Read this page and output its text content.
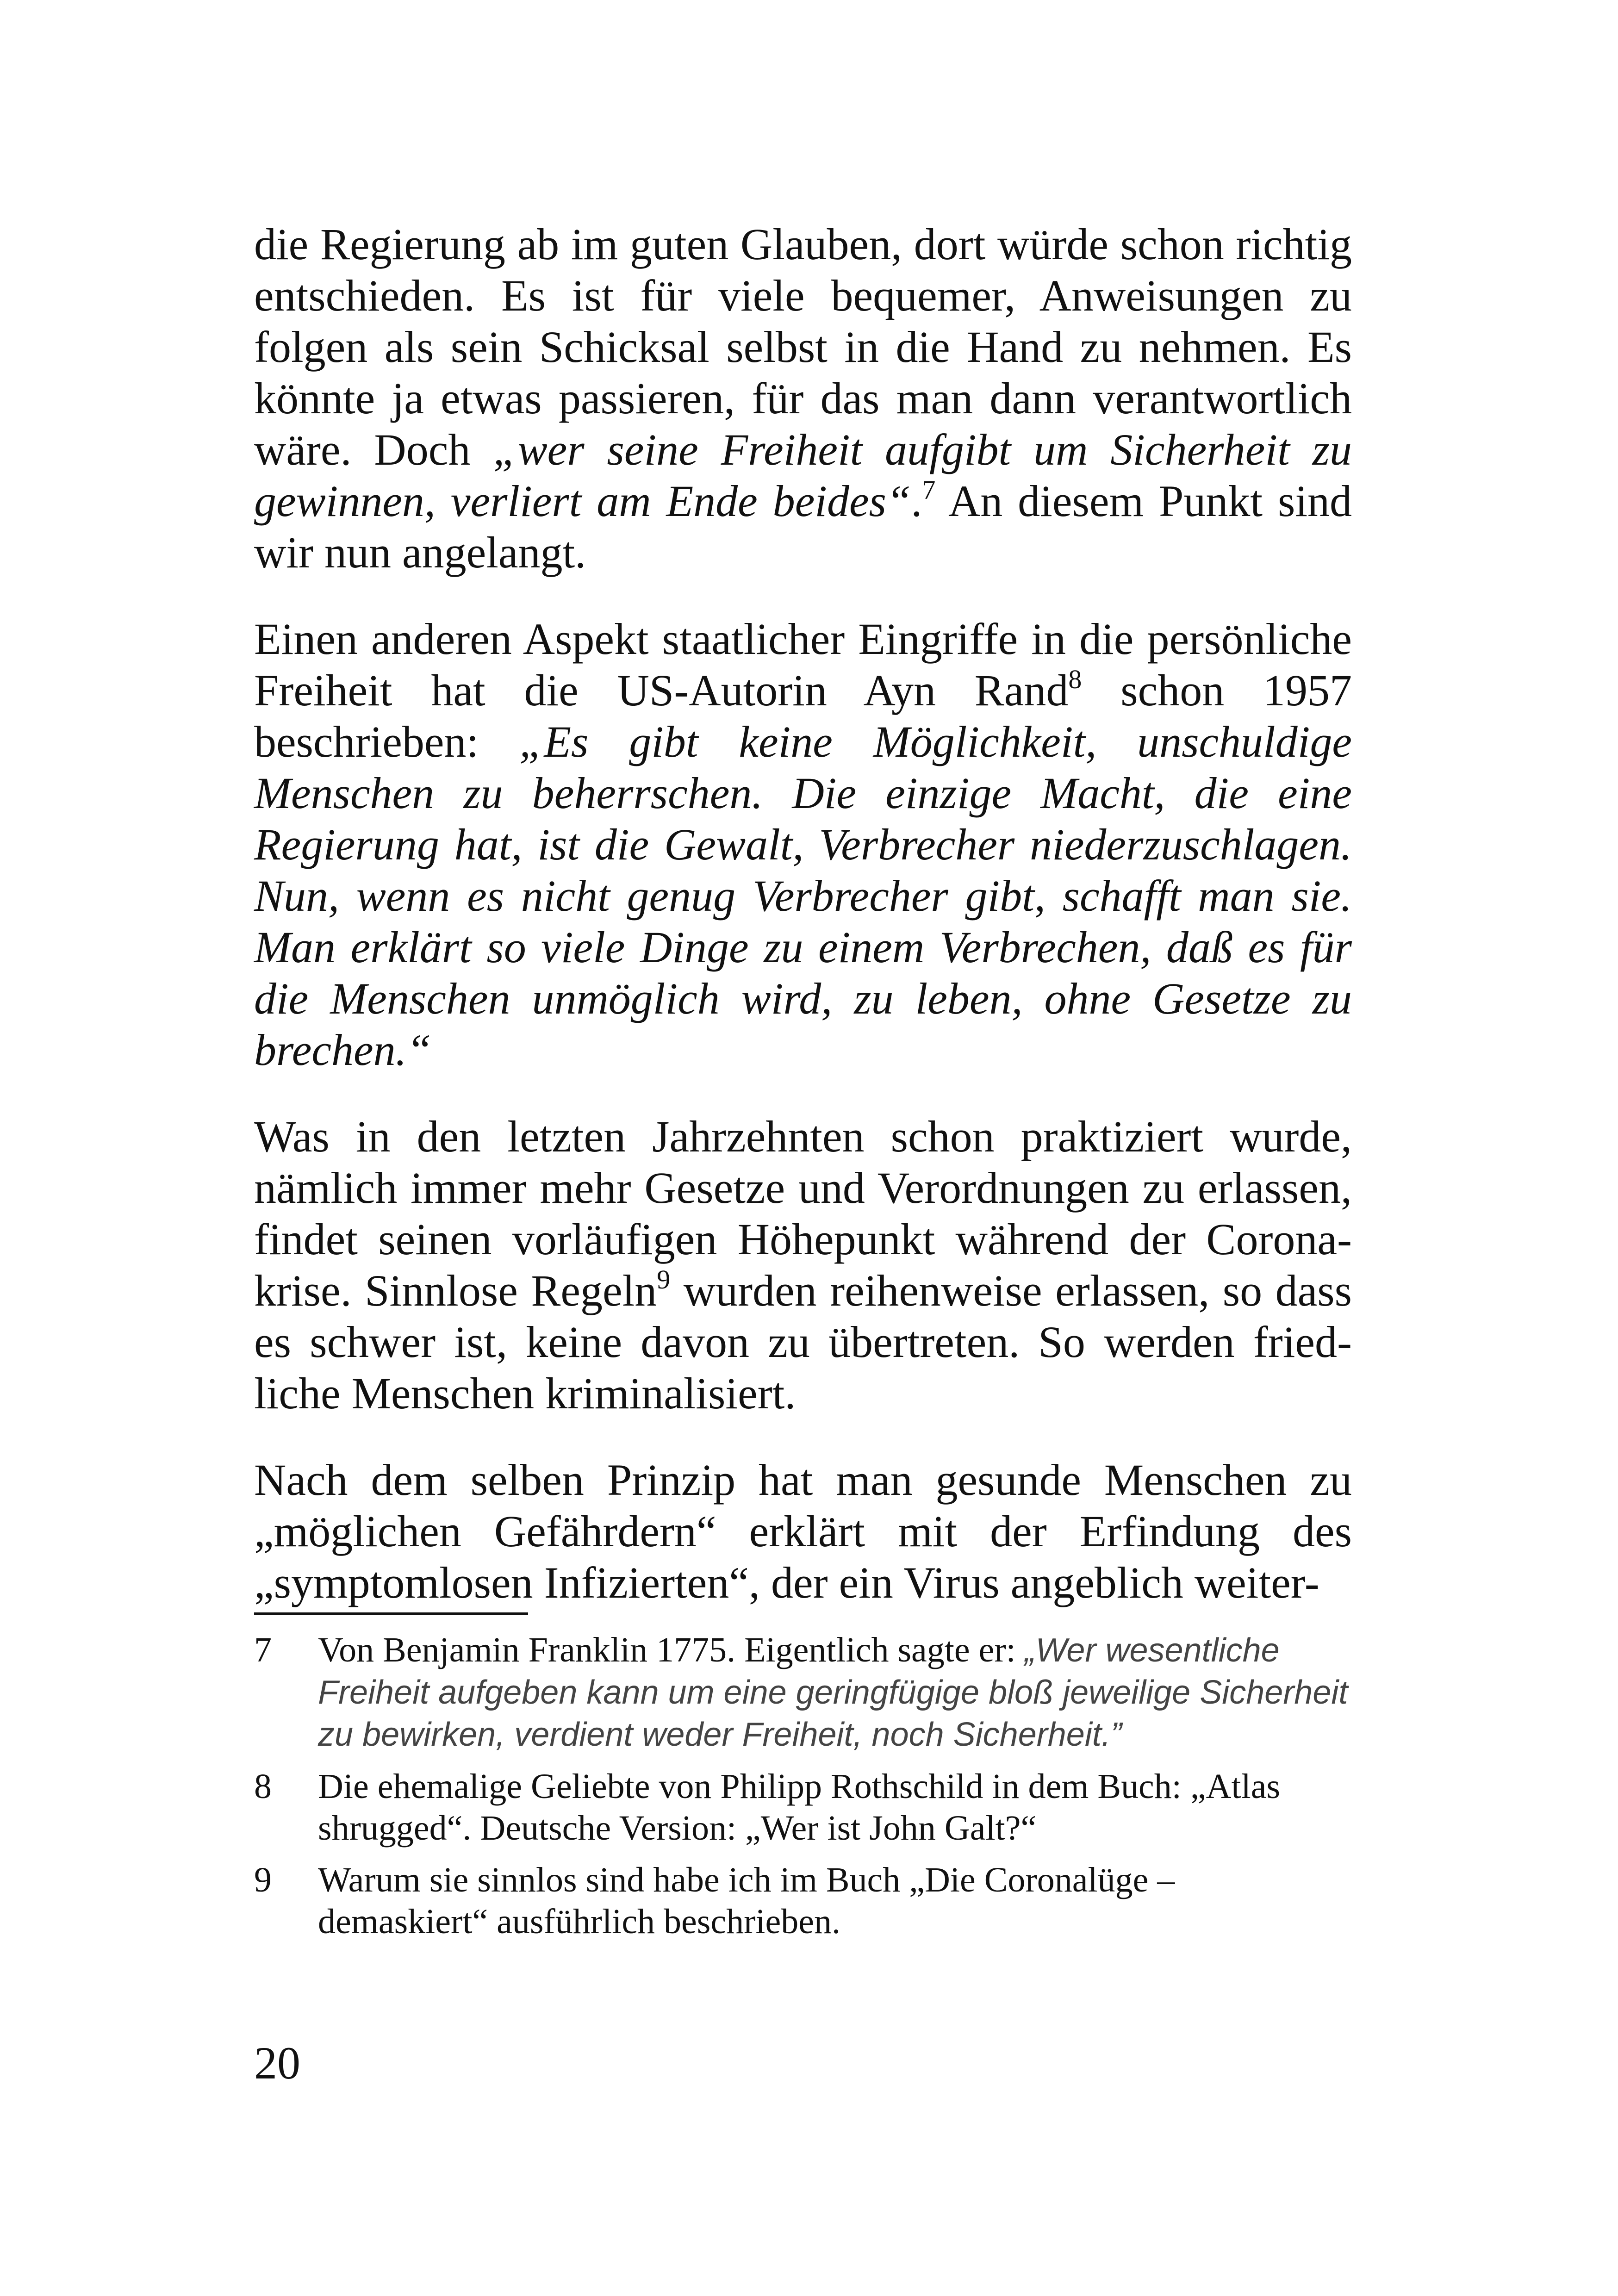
die Regierung ab im guten Glauben, dort würde schon richtig entschieden. Es ist für viele bequemer, Anweisungen zu folgen als sein Schicksal selbst in die Hand zu nehmen. Es könnte ja etwas passieren, für das man dann verantwortlich wäre. Doch „wer seine Freiheit aufgibt um Sicherheit zu gewinnen, verliert am Ende beides“.$^7$ An diesem Punkt sind wir nun angelangt.

Einen anderen Aspekt staatlicher Eingriffe in die persönliche Freiheit hat die US-Autorin Ayn Rand$^8$ schon 1957 beschrieben: „Es gibt keine Möglichkeit, unschuldige Menschen zu beherrschen. Die einzige Macht, die eine Regierung hat, ist die Gewalt, Verbrecher niederzuschlagen. Nun, wenn es nicht genug Verbrecher gibt, schafft man sie. Man erklärt so viele Dinge zu einem Verbrechen, daß es für die Menschen unmöglich wird, zu leben, ohne Gesetze zu brechen.“

Was in den letzten Jahrzehnten schon praktiziert wurde, nämlich immer mehr Gesetze und Verordnungen zu erlassen, findet seinen vorläufigen Höhepunkt während der Coronakrise. Sinnlose Regeln$^9$ wurden reihenweise erlassen, so dass es schwer ist, keine davon zu übertreten. So werden friedliche Menschen kriminalisiert.

Nach dem selben Prinzip hat man gesunde Menschen zu „möglichen Gefährdern“ erklärt mit der Erfindung des „symptomlosen Infizierten“, der ein Virus angeblich weiter-

7	Von Benjamin Franklin 1775. Eigentlich sagte er: „Wer wesentliche Freiheit aufgeben kann um eine geringfügige bloß jeweilige Sicherheit zu bewirken, verdient weder Freiheit, noch Sicherheit.”
8	Die ehemalige Geliebte von Philipp Rothschild in dem Buch: „Atlas shrugged“. Deutsche Version: „Wer ist John Galt?“
9	Warum sie sinnlos sind habe ich im Buch „Die Coronalüge – demaskiert“ ausführlich beschrieben.
20
